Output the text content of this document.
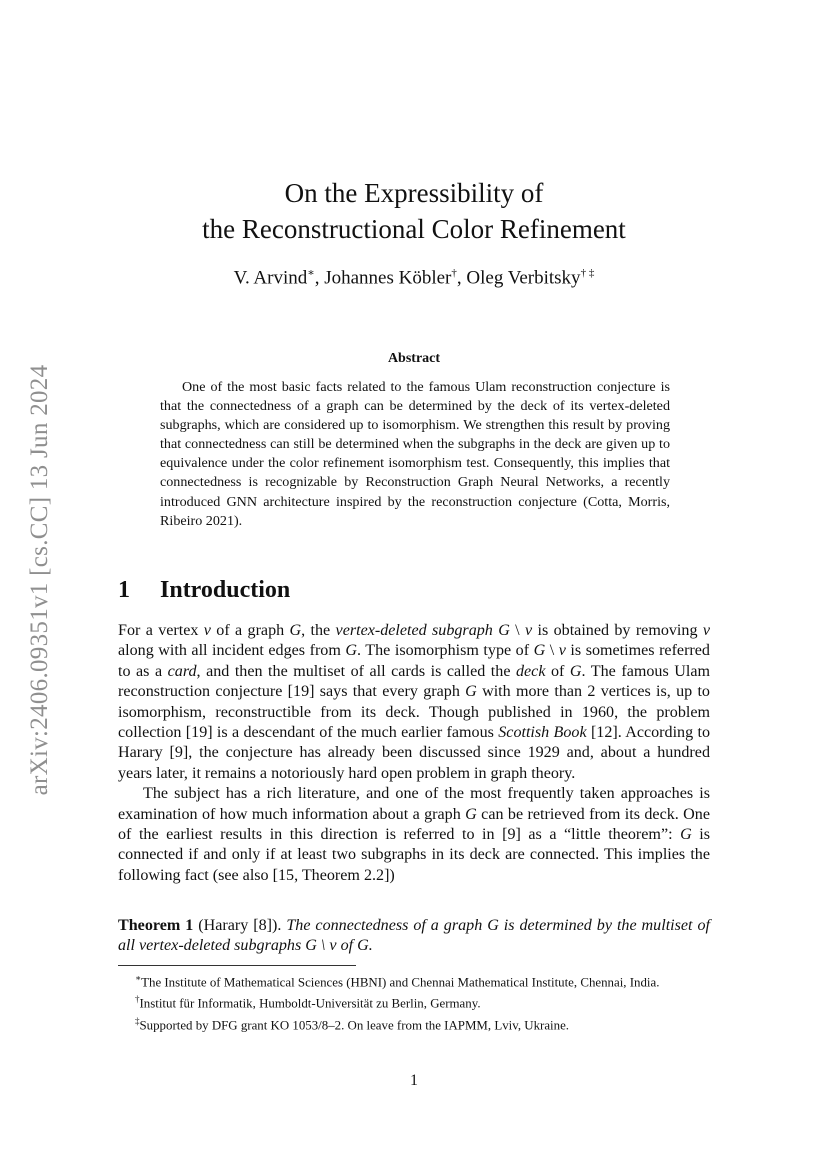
arXiv:2406.09351v1 [cs.CC] 13 Jun 2024
On the Expressibility of
the Reconstructional Color Refinement
V. Arvind∗, Johannes Köbler†, Oleg Verbitsky† ‡
Abstract

One of the most basic facts related to the famous Ulam reconstruction conjecture is that the connectedness of a graph can be determined by the deck of its vertex-deleted subgraphs, which are considered up to isomorphism. We strengthen this result by proving that connectedness can still be determined when the subgraphs in the deck are given up to equivalence under the color refinement isomorphism test. Consequently, this implies that connectedness is recognizable by Reconstruction Graph Neural Networks, a recently introduced GNN architecture inspired by the reconstruction conjecture (Cotta, Morris, Ribeiro 2021).

1 Introduction

For a vertex v of a graph G, the vertex-deleted subgraph G \ v is obtained by removing v along with all incident edges from G. The isomorphism type of G \ v is sometimes referred to as a card, and then the multiset of all cards is called the deck of G. The famous Ulam reconstruction conjecture [19] says that every graph G with more than 2 vertices is, up to isomorphism, reconstructible from its deck. Though published in 1960, the problem collection [19] is a descendant of the much earlier famous Scottish Book [12]. According to Harary [9], the conjecture has already been discussed since 1929 and, about a hundred years later, it remains a notoriously hard open problem in graph theory.

The subject has a rich literature, and one of the most frequently taken approaches is examination of how much information about a graph G can be retrieved from its deck. One of the earliest results in this direction is referred to in [9] as a “little theorem”: G is connected if and only if at least two subgraphs in its deck are connected. This implies the following fact (see also [15, Theorem 2.2])

Theorem 1 (Harary [8]). The connectedness of a graph G is determined by the multiset of all vertex-deleted subgraphs G \ v of G.

∗The Institute of Mathematical Sciences (HBNI) and Chennai Mathematical Institute, Chennai, India.

†Institut für Informatik, Humboldt-Universität zu Berlin, Germany.

‡Supported by DFG grant KO 1053/8–2. On leave from the IAPMM, Lviv, Ukraine.

1
